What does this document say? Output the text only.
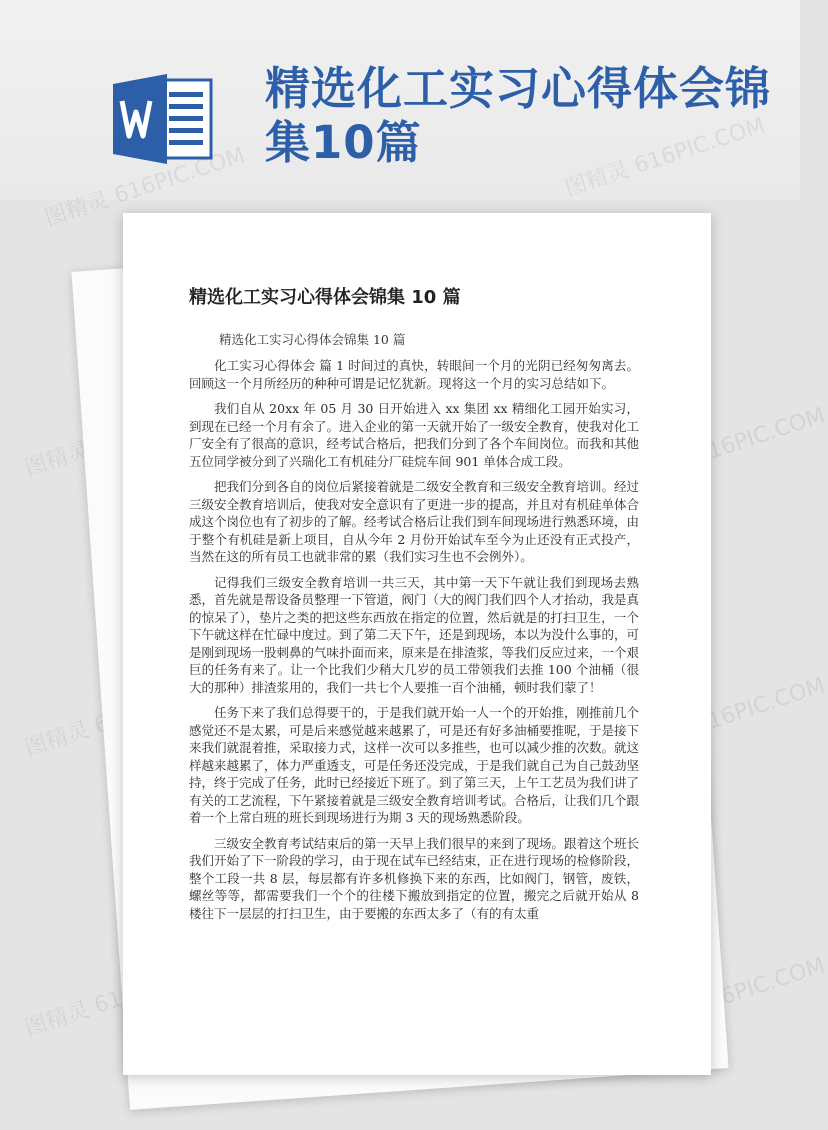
精选化工实习心得体会锦集10篇
图精灵	图精灵 616PIC.COM
图精灵	图精灵 616PIC.COM
图精灵	图精灵 616PIC.COM
精选化工实习心得体会锦集 10 篇
精选化工实习心得体会锦集 10 篇

化工实习心得体会 篇 1 时间过的真快，转眼间一个月的光阴已经匆匆离去。回顾这一个月所经历的种种可谓是记忆犹新。现将这一个月的实习总结如下。

我们自从 20xx 年 05 月 30 日开始进入 xx 集团 xx 精细化工园开始实习，到现在已经一个月有余了。进入企业的第一天就开始了一级安全教育，使我对化工厂安全有了很高的意识，经考试合格后，把我们分到了各个车间岗位。而我和其他五位同学被分到了兴瑞化工有机硅分厂硅烷车间 901 单体合成工段。

把我们分到各自的岗位后紧接着就是二级安全教育和三级安全教育培训。经过三级安全教育培训后，使我对安全意识有了更进一步的提高，并且对有机硅单体合成这个岗位也有了初步的了解。经考试合格后让我们到车间现场进行熟悉环境，由于整个有机硅是新上项目，自从今年 2 月份开始试车至今为止还没有正式投产，当然在这的所有员工也就非常的累（我们实习生也不会例外）。

记得我们三级安全教育培训一共三天，其中第一天下午就让我们到现场去熟悉，首先就是帮设备员整理一下管道，阀门（大的阀门我们四个人才抬动，我是真的惊呆了），垫片之类的把这些东西放在指定的位置，然后就是的打扫卫生，一个下午就这样在忙碌中度过。到了第二天下午，还是到现场，本以为没什么事的，可是刚到现场一股刺鼻的气味扑面而来，原来是在排渣浆，等我们反应过来，一个艰巨的任务有来了。让一个比我们少稍大几岁的员工带领我们去推 100 个油桶（很大的那种）排渣浆用的，我们一共七个人要推一百个油桶，顿时我们蒙了！

任务下来了我们总得要干的，于是我们就开始一人一个的开始推，刚推前几个感觉还不是太累，可是后来感觉越来越累了，可是还有好多油桶要推呢，于是接下来我们就混着推，采取接力式，这样一次可以多推些，也可以减少推的次数。就这样越来越累了，体力严重透支，可是任务还没完成，于是我们就自己为自己鼓劲坚持，终于完成了任务，此时已经接近下班了。到了第三天，上午工艺员为我们讲了有关的工艺流程，下午紧接着就是三级安全教育培训考试。合格后，让我们几个跟着一个上常白班的班长到现场进行为期 3 天的现场熟悉阶段。

三级安全教育考试结束后的第一天早上我们很早的来到了现场。跟着这个班长我们开始了下一阶段的学习，由于现在试车已经结束，正在进行现场的检修阶段，整个工段一共 8 层，每层都有许多机修换下来的东西，比如阀门，钢管，废铁，螺丝等等，都需要我们一个个的往楼下搬放到指定的位置，搬完之后就开始从 8 楼往下一层层的打扫卫生，由于要搬的东西太多了（有的有太重
